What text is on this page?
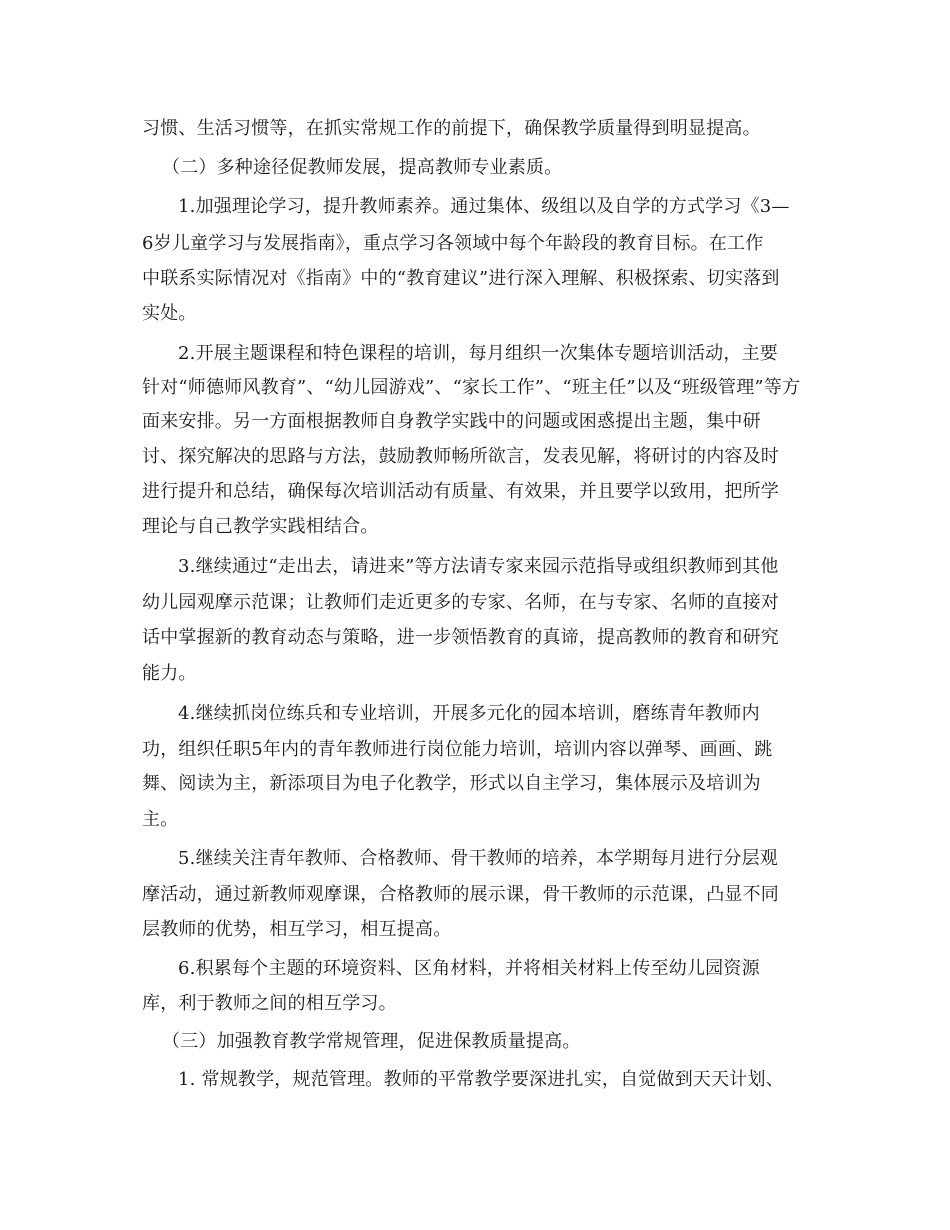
习惯、生活习惯等，在抓实常规工作的前提下，确保教学质量得到明显提高。
（二）多种途径促教师发展，提高教师专业素质。
1.加强理论学习，提升教师素养。通过集体、级组以及自学的方式学习《3—
6岁儿童学习与发展指南》，重点学习各领域中每个年龄段的教育目标。在工作
中联系实际情况对《指南》中的“教育建议”进行深入理解、积极探索、切实落到
实处。
2.开展主题课程和特色课程的培训，每月组织一次集体专题培训活动，主要
针对“师德师风教育”、“幼儿园游戏”、“家长工作”、“班主任”以及“班级管理”等方
面来安排。另一方面根据教师自身教学实践中的问题或困惑提出主题，集中研
讨、探究解决的思路与方法，鼓励教师畅所欲言，发表见解，将研讨的内容及时
进行提升和总结，确保每次培训活动有质量、有效果，并且要学以致用，把所学
理论与自己教学实践相结合。
3.继续通过“走出去，请进来”等方法请专家来园示范指导或组织教师到其他
幼儿园观摩示范课；让教师们走近更多的专家、名师，在与专家、名师的直接对
话中掌握新的教育动态与策略，进一步领悟教育的真谛，提高教师的教育和研究
能力。
4.继续抓岗位练兵和专业培训，开展多元化的园本培训，磨练青年教师内
功，组织任职5年内的青年教师进行岗位能力培训，培训内容以弹琴、画画、跳
舞、阅读为主，新添项目为电子化教学，形式以自主学习，集体展示及培训为
主。
5.继续关注青年教师、合格教师、骨干教师的培养，本学期每月进行分层观
摩活动，通过新教师观摩课，合格教师的展示课，骨干教师的示范课，凸显不同
层教师的优势，相互学习，相互提高。
6.积累每个主题的环境资料、区角材料，并将相关材料上传至幼儿园资源
库，利于教师之间的相互学习。
（三）加强教育教学常规管理，促进保教质量提高。
1. 常规教学，规范管理。教师的平常教学要深进扎实，自觉做到天天计划、
